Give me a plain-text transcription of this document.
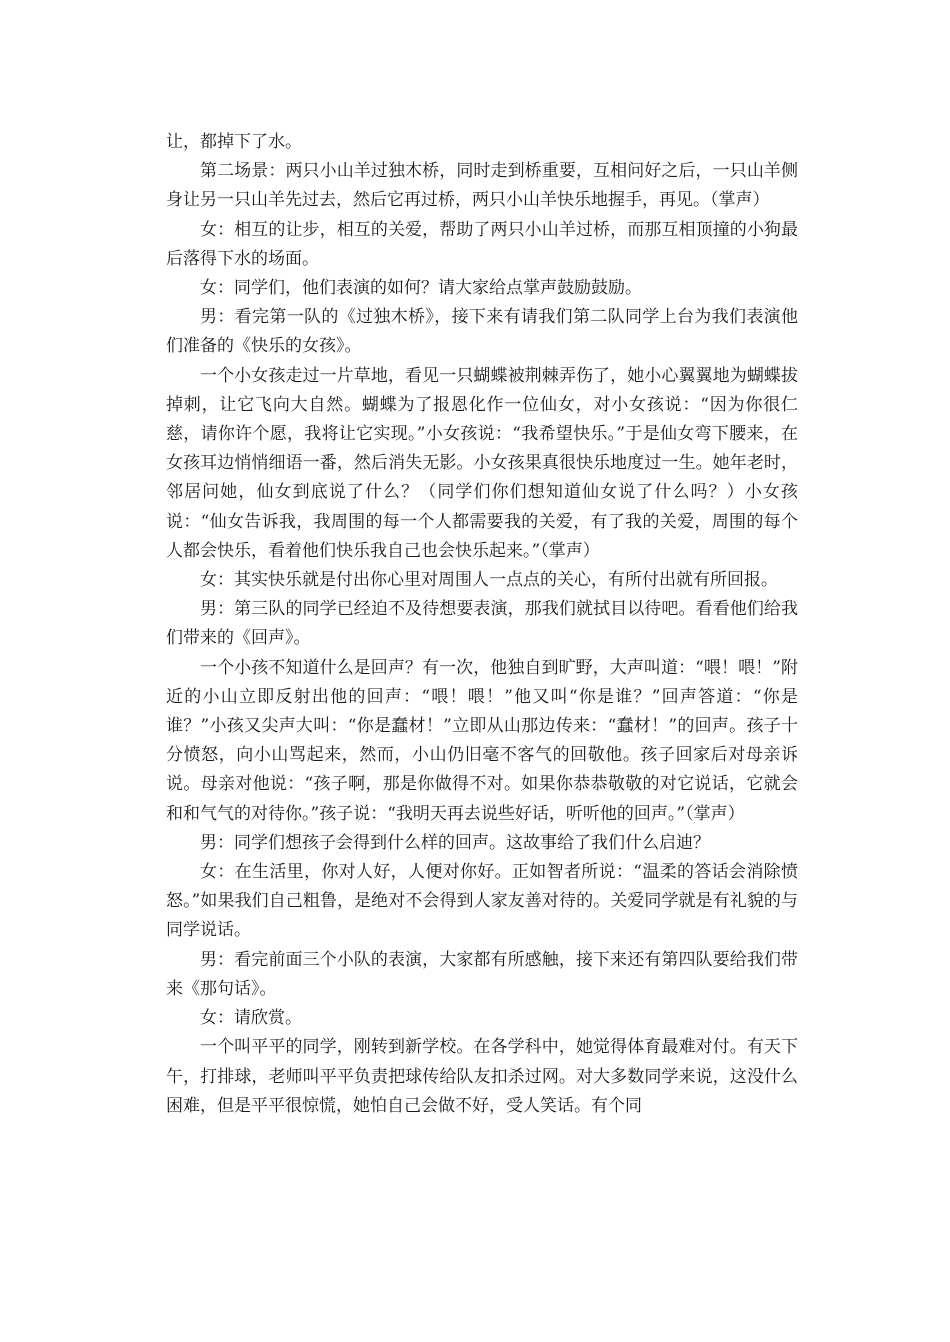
让，都掉下了水。

第二场景：两只小山羊过独木桥，同时走到桥重要，互相问好之后，一只山羊侧身让另一只山羊先过去，然后它再过桥，两只小山羊快乐地握手，再见。（掌声）

女：相互的让步，相互的关爱，帮助了两只小山羊过桥，而那互相顶撞的小狗最后落得下水的场面。

女：同学们，他们表演的如何？请大家给点掌声鼓励鼓励。

男：看完第一队的《过独木桥》，接下来有请我们第二队同学上台为我们表演他们准备的《快乐的女孩》。

一个小女孩走过一片草地，看见一只蝴蝶被荆棘弄伤了，她小心翼翼地为蝴蝶拔掉刺，让它飞向大自然。蝴蝶为了报恩化作一位仙女，对小女孩说：“因为你很仁慈，请你许个愿，我将让它实现。”小女孩说：“我希望快乐。”于是仙女弯下腰来，在女孩耳边悄悄细语一番，然后消失无影。小女孩果真很快乐地度过一生。她年老时，邻居问她，仙女到底说了什么？（同学们你们想知道仙女说了什么吗？）小女孩说：“仙女告诉我，我周围的每一个人都需要我的关爱，有了我的关爱，周围的每个人都会快乐，看着他们快乐我自己也会快乐起来。”（掌声）

女：其实快乐就是付出你心里对周围人一点点的关心，有所付出就有所回报。

男：第三队的同学已经迫不及待想要表演，那我们就拭目以待吧。看看他们给我们带来的《回声》。

一个小孩不知道什么是回声？有一次，他独自到旷野，大声叫道：“喂！喂！”附近的小山立即反射出他的回声：“喂！喂！”他又叫“你是谁？”回声答道：“你是谁？”小孩又尖声大叫：“你是蠢材！”立即从山那边传来：“蠢材！”的回声。孩子十分愤怒，向小山骂起来，然而，小山仍旧毫不客气的回敬他。孩子回家后对母亲诉说。母亲对他说：“孩子啊，那是你做得不对。如果你恭恭敬敬的对它说话，它就会和和气气的对待你。”孩子说：“我明天再去说些好话，听听他的回声。”（掌声）

男：同学们想孩子会得到什么样的回声。这故事给了我们什么启迪？

女：在生活里，你对人好，人便对你好。正如智者所说：“温柔的答话会消除愤怒。”如果我们自己粗鲁，是绝对不会得到人家友善对待的。关爱同学就是有礼貌的与同学说话。

男：看完前面三个小队的表演，大家都有所感触，接下来还有第四队要给我们带来《那句话》。

女：请欣赏。

一个叫平平的同学，刚转到新学校。在各学科中，她觉得体育最难对付。有天下午，打排球，老师叫平平负责把球传给队友扣杀过网。对大多数同学来说，这没什么困难，但是平平很惊慌，她怕自己会做不好，受人笑话。有个同
